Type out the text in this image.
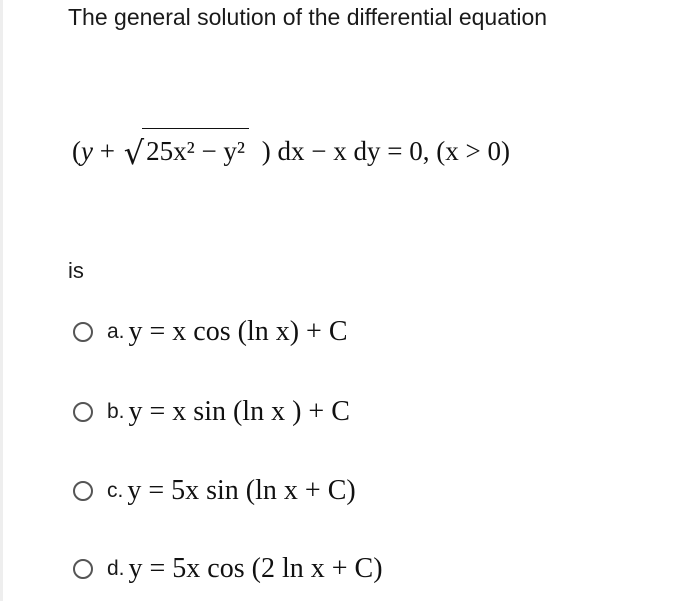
The general solution of the differential equation
(y + √25x² − y² ) dx − x dy = 0, (x > 0)
is
a. y = x cos (ln x) + C
b. y = x sin (ln x ) + C
c. y = 5x sin (ln x + C)
d. y = 5x cos (2 ln x + C)
